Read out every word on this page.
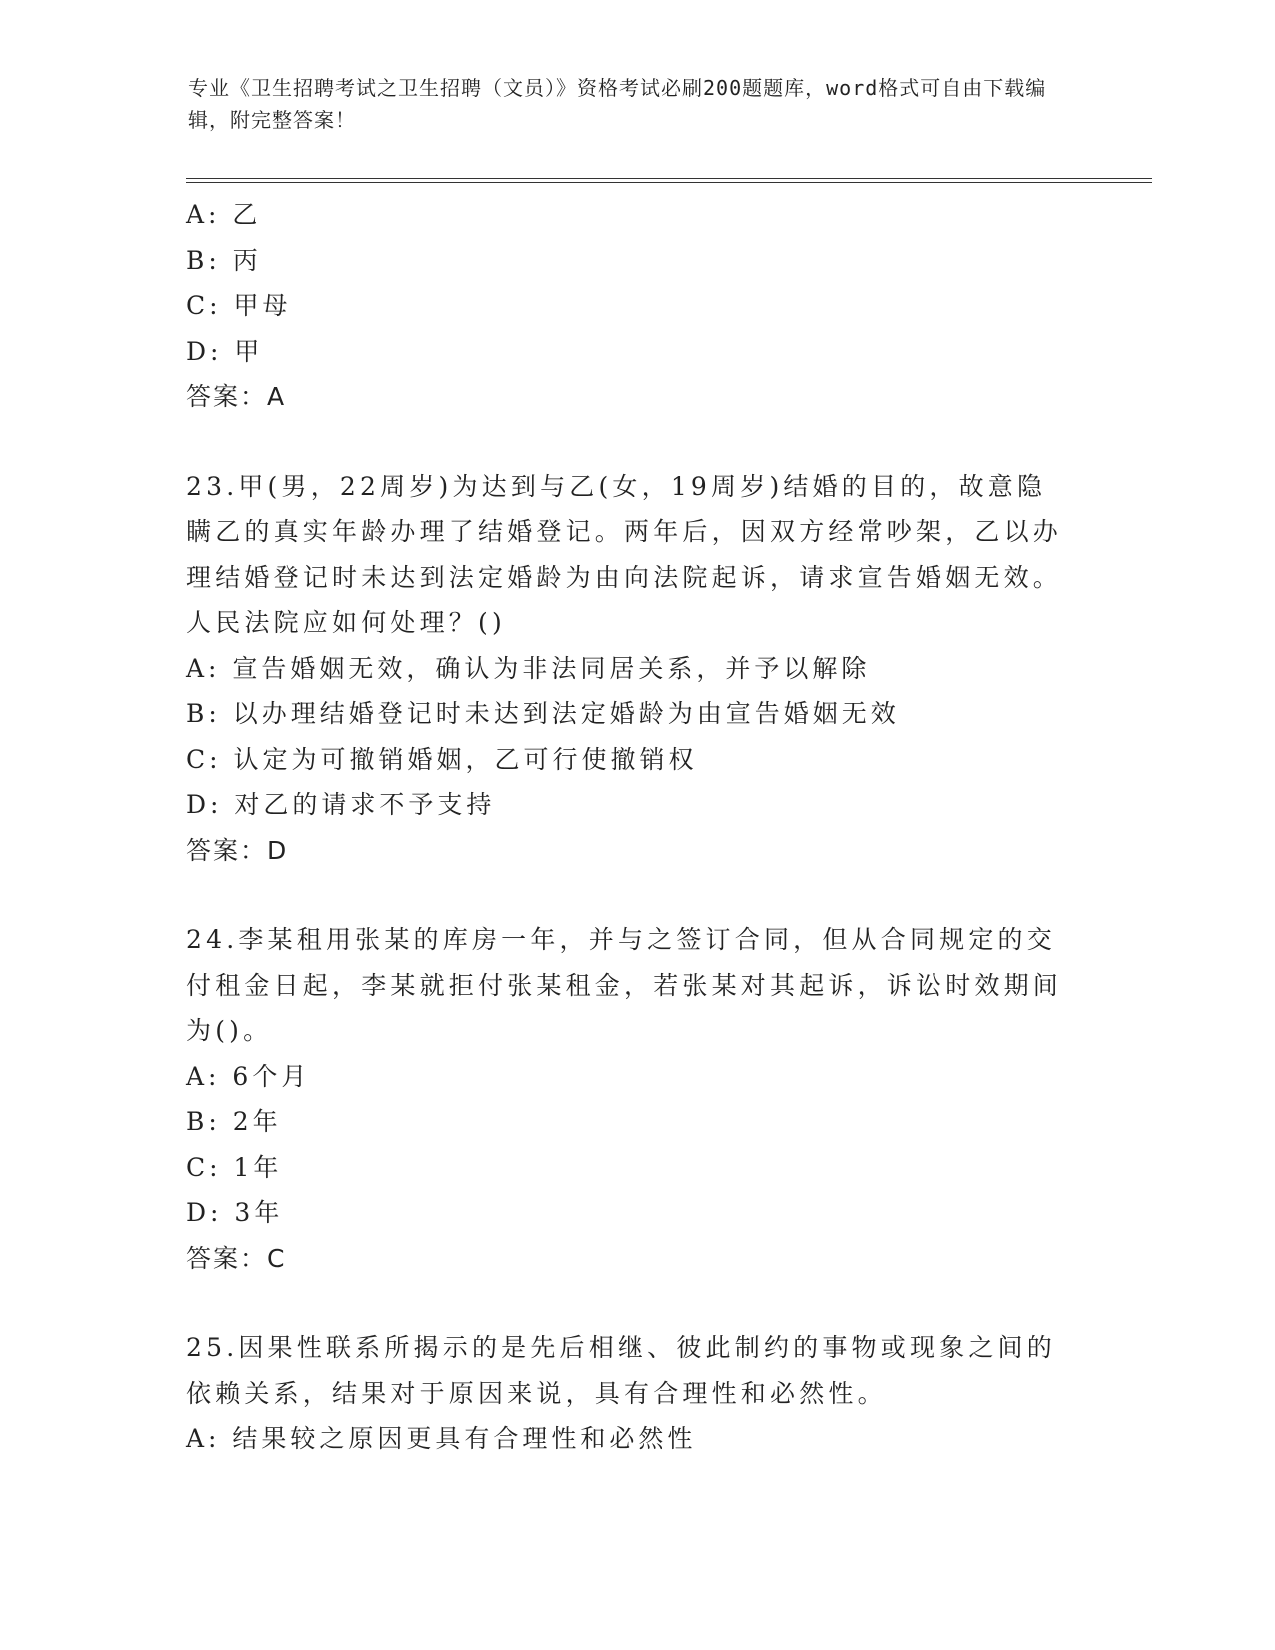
专业《卫生招聘考试之卫生招聘（文员）》资格考试必刷200题题库，word格式可自由下载编辑，附完整答案！
A: 乙
B: 丙
C: 甲母
D: 甲
答案：A
23.甲(男，22周岁)为达到与乙(女，19周岁)结婚的目的，故意隐瞒乙的真实年龄办理了结婚登记。两年后，因双方经常吵架，乙以办理结婚登记时未达到法定婚龄为由向法院起诉，请求宣告婚姻无效。人民法院应如何处理？()
A: 宣告婚姻无效，确认为非法同居关系，并予以解除
B: 以办理结婚登记时未达到法定婚龄为由宣告婚姻无效
C: 认定为可撤销婚姻，乙可行使撤销权
D: 对乙的请求不予支持
答案：D
24.李某租用张某的库房一年，并与之签订合同，但从合同规定的交付租金日起，李某就拒付张某租金，若张某对其起诉，诉讼时效期间为()。
A: 6个月
B: 2年
C: 1年
D: 3年
答案：C
25.因果性联系所揭示的是先后相继、彼此制约的事物或现象之间的依赖关系，结果对于原因来说，具有合理性和必然性。
A: 结果较之原因更具有合理性和必然性
